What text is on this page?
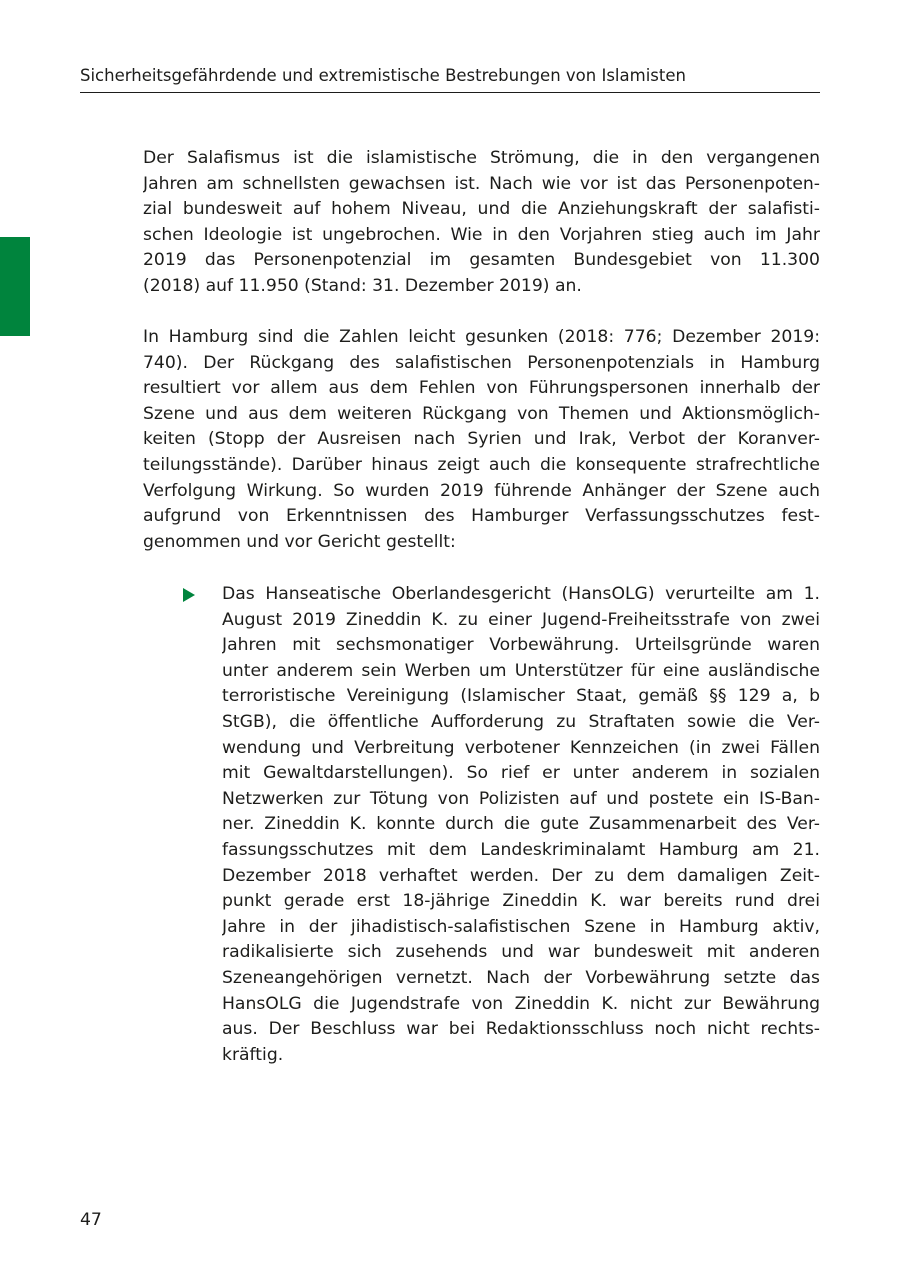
Sicherheitsgefährdende und extremistische Bestrebungen von Islamisten
Der Salafismus ist die islamistische Strömung, die in den vergangenen
Jahren am schnellsten gewachsen ist. Nach wie vor ist das Personenpoten-
zial bundesweit auf hohem Niveau, und die Anziehungskraft der salafisti-
schen Ideologie ist ungebrochen. Wie in den Vorjahren stieg auch im Jahr
2019 das Personenpotenzial im gesamten Bundesgebiet von 11.300
(2018) auf 11.950 (Stand: 31. Dezember 2019) an.
In Hamburg sind die Zahlen leicht gesunken (2018: 776; Dezember 2019:
740). Der Rückgang des salafistischen Personenpotenzials in Hamburg
resultiert vor allem aus dem Fehlen von Führungspersonen innerhalb der
Szene und aus dem weiteren Rückgang von Themen und Aktionsmöglich-
keiten (Stopp der Ausreisen nach Syrien und Irak, Verbot der Koranver-
teilungsstände). Darüber hinaus zeigt auch die konsequente strafrechtliche
Verfolgung Wirkung. So wurden 2019 führende Anhänger der Szene auch
aufgrund von Erkenntnissen des Hamburger Verfassungsschutzes fest-
genommen und vor Gericht gestellt:
Das Hanseatische Oberlandesgericht (HansOLG) verurteilte am 1.
August 2019 Zineddin K. zu einer Jugend-Freiheitsstrafe von zwei
Jahren mit sechsmonatiger Vorbewährung. Urteilsgründe waren
unter anderem sein Werben um Unterstützer für eine ausländische
terroristische Vereinigung (Islamischer Staat, gemäß §§ 129 a, b
StGB), die öffentliche Aufforderung zu Straftaten sowie die Ver-
wendung und Verbreitung verbotener Kennzeichen (in zwei Fällen
mit Gewaltdarstellungen). So rief er unter anderem in sozialen
Netzwerken zur Tötung von Polizisten auf und postete ein IS-Ban-
ner. Zineddin K. konnte durch die gute Zusammenarbeit des Ver-
fassungsschutzes mit dem Landeskriminalamt Hamburg am 21.
Dezember 2018 verhaftet werden. Der zu dem damaligen Zeit-
punkt gerade erst 18-jährige Zineddin K. war bereits rund drei
Jahre in der jihadistisch-salafistischen Szene in Hamburg aktiv,
radikalisierte sich zusehends und war bundesweit mit anderen
Szeneangehörigen vernetzt. Nach der Vorbewährung setzte das
HansOLG die Jugendstrafe von Zineddin K. nicht zur Bewährung
aus. Der Beschluss war bei Redaktionsschluss noch nicht rechts-
kräftig.
47
